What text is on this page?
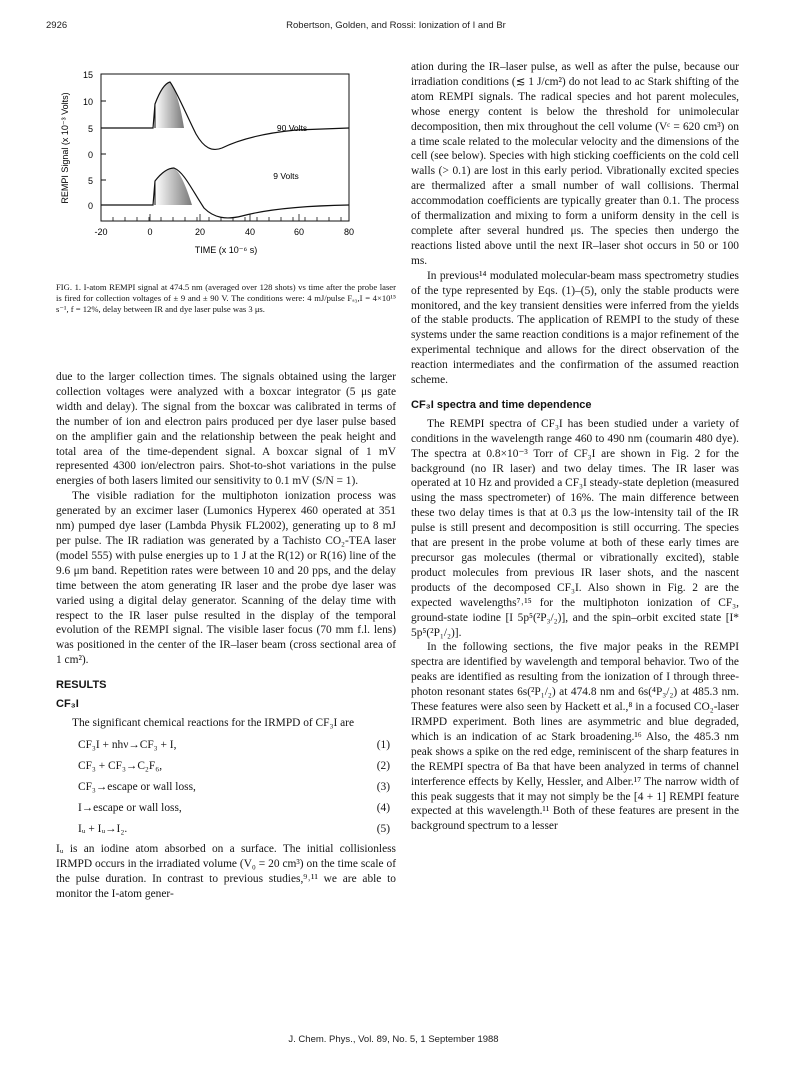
2926	Robertson, Golden, and Rossi: Ionization of I and Br
REMPI Signal (x 10⁻³ Volts)
15
10
5
0
5
0
-20	0	20	40	60	80
TIME (x 10⁻⁶ s)
90 Volts
9 Volts
FIG. 1. I-atom REMPI signal at 474.5 nm (averaged over 128 shots) vs time after the probe laser is fired for collection voltages of ± 9 and ± 90 V. The conditions were: 4 mJ/pulse Fₐ₃,I = 4×10¹⁵ s⁻¹, f = 12%, delay between IR and dye laser pulse was 3 μs.

due to the larger collection times. The signals obtained using the larger collection voltages were analyzed with a boxcar integrator (5 μs gate width and delay). The signal from the boxcar was calibrated in terms of the number of ion and electron pairs produced per dye laser pulse based on the amplifier gain and the relationship between the peak height and total area of the time-dependent signal. A boxcar signal of 1 mV represented 4300 ion/electron pairs. Shot-to-shot variations in the pulse energies of both lasers limited our sensitivity to 0.1 mV (S/N = 1).

The visible radiation for the multiphoton ionization process was generated by an excimer laser (Lumonics Hyperex 460 operated at 351 nm) pumped dye laser (Lambda Physik FL2002), generating up to 8 mJ per pulse. The IR radiation was generated by a Tachisto CO₂-TEA laser (model 555) with pulse energies up to 1 J at the R(12) or R(16) line of the 9.6 μm band. Repetition rates were between 10 and 20 pps, and the delay time between the atom generating IR laser and the probe dye laser was varied using a digital delay generator. Scanning of the delay time with respect to the IR laser pulse resulted in the display of the temporal evolution of the REMPI signal. The visible laser focus (70 mm f.l. lens) was positioned in the center of the IR–laser beam (cross sectional area of 1 cm²).

RESULTS
CF₃I

The significant chemical reactions for the IRMPD of CF₃I are

CF₃I + nhν→CF₃ + I,	(1)
CF₃ + CF₃→C₂F₆,	(2)
CF₃→escape or wall loss,	(3)
I→escape or wall loss,	(4)
Iᵤ + Iᵤ→I₂.	(5)

Iᵤ is an iodine atom absorbed on a surface. The initial collisionless IRMPD occurs in the irradiated volume (V₀ = 20 cm³) on the time scale of the pulse duration. In contrast to previous studies,⁹˒¹¹ we are able to monitor the I-atom gener-

ation during the IR–laser pulse, as well as after the pulse, because our irradiation conditions (≲ 1 J/cm²) do not lead to ac Stark shifting of the atom REMPI signals. The radical species and hot parent molecules, whose energy content is below the threshold for unimolecular decomposition, then mix throughout the cell volume (Vᶜ = 620 cm³) on a time scale related to the molecular velocity and the dimensions of the cell (see below). Species with high sticking coefficients on the cold cell walls (> 0.1) are lost in this early period. Vibrationally excited species are thermalized after a small number of wall collisions. Thermal accommodation coefficients are typically greater than 0.1. The process of thermalization and mixing to form a uniform density in the cell is complete after several hundred μs. The species then undergo the reactions listed above until the next IR–laser shot occurs in 50 or 100 ms.

In previous¹⁴ modulated molecular-beam mass spectrometry studies of the type represented by Eqs. (1)–(5), only the stable products were monitored, and the key transient densities were inferred from the yields of the stable products. The application of REMPI to the study of these systems under the same reaction conditions is a major refinement of the experimental technique and allows for the direct observation of the reaction intermediates and the confirmation of the assumed reaction scheme.

CF₃I spectra and time dependence

The REMPI spectra of CF₃I has been studied under a variety of conditions in the wavelength range 460 to 490 nm (coumarin 480 dye). The spectra at 0.8×10⁻³ Torr of CF₃I are shown in Fig. 2 for the background (no IR laser) and two delay times. The IR laser was operated at 10 Hz and provided a CF₃I steady-state depletion (measured using the mass spectrometer) of 16%. The main difference between these two delay times is that at 0.3 μs the low-intensity tail of the IR pulse is still present and decomposition is still occurring. The species that are present in the probe volume at both of these early times are precursor gas molecules (thermal or vibrationally excited), stable product molecules from previous IR laser shots, and the nascent products of the decomposed CF₃I. Also shown in Fig. 2 are the expected wavelengths⁷˒¹⁵ for the multiphoton ionization of CF₃, ground-state iodine [I 5p⁵(²P₃/₂)], and the spin–orbit excited state [I* 5p⁵(²P₁/₂)].

In the following sections, the five major peaks in the REMPI spectra are identified by wavelength and temporal behavior. Two of the peaks are identified as resulting from the ionization of I through three-photon resonant states 6s(²P₁/₂) at 474.8 nm and 6s(⁴P₃/₂) at 485.3 nm. These features were also seen by Hackett et al.,⁸ in a focused CO₂-laser IRMPD experiment. Both lines are asymmetric and blue degraded, which is an indication of ac Stark broadening.¹⁶ Also, the 485.3 nm peak shows a spike on the red edge, reminiscent of the sharp features in the REMPI spectra of Ba that have been analyzed in terms of channel interference effects by Kelly, Hessler, and Alber.¹⁷ The narrow width of this peak suggests that it may not simply be the [4 + 1] REMPI feature expected at this wavelength.¹¹ Both of these features are present in the background spectrum to a lesser

J. Chem. Phys., Vol. 89, No. 5, 1 September 1988
